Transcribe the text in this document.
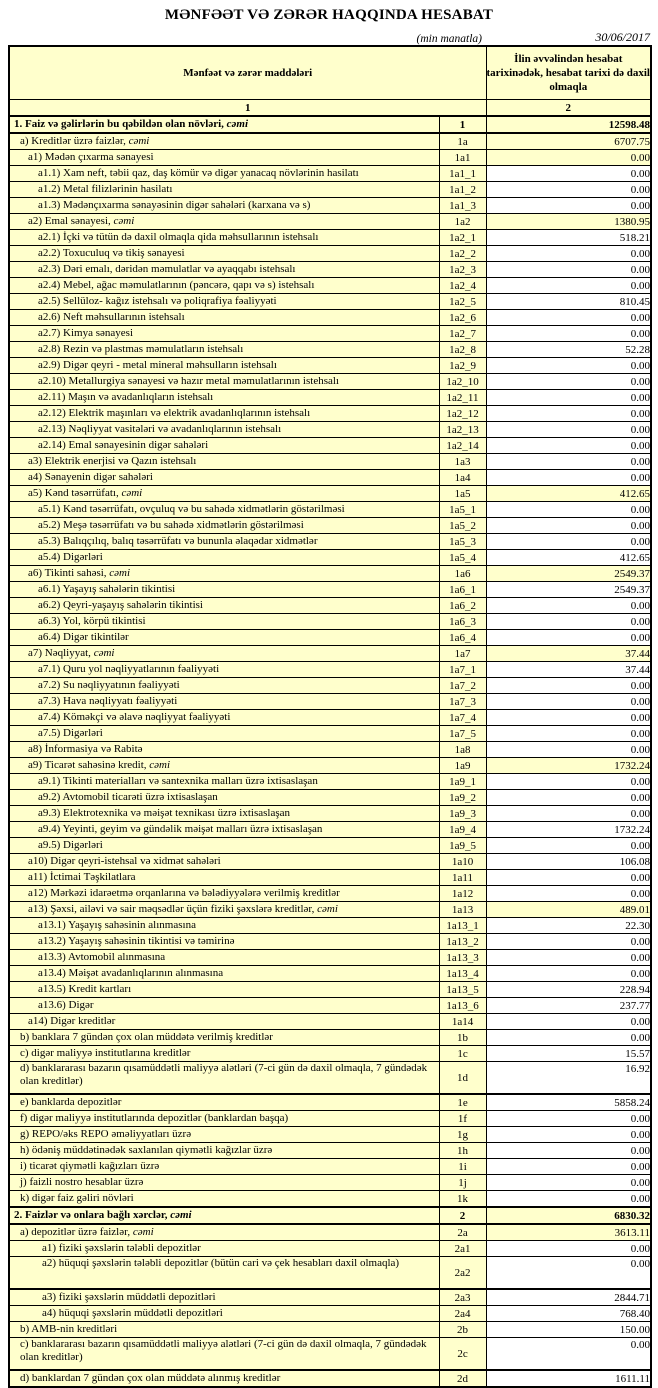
MƏNFƏƏT VƏ ZƏRƏR HAQQINDA HESABAT
(min manatla)	30/06/2017
Mənfəət və zərər maddələri		İlin əvvəlindən hesabat tarixinədək, hesabat tarixi də daxil olmaqla
1		2
1. Faiz və gəlirlərin bu qəbildən olan növləri, cəmi	1	12598.48
a) Kreditlər üzrə faizlər, cəmi	1a	6707.75
a1) Mədən çıxarma sənayesi	1a1	0.00
a1.1) Xam neft, təbii qaz, daş kömür və digər yanacaq növlərinin hasilatı	1a1_1	0.00
a1.2) Metal filizlərinin hasilatı	1a1_2	0.00
a1.3) Mədənçıxarma sənayəsinin digər sahələri (karxana və s)	1a1_3	0.00
a2) Emal sənayesi, cəmi	1a2	1380.95
a2.1) İçki və tütün də daxil olmaqla qida məhsullarının istehsalı	1a2_1	518.21
a2.2) Toxuculuq və tikiş sənayesi	1a2_2	0.00
a2.3) Dəri emalı, dəridən məmulatlar və ayaqqabı istehsalı	1a2_3	0.00
a2.4) Mebel, ağac məmulatlarının (pəncərə, qapı və s) istehsalı	1a2_4	0.00
a2.5) Sellüloz- kağız istehsalı və poliqrafiya fəaliyyəti	1a2_5	810.45
a2.6) Neft məhsullarının istehsalı	1a2_6	0.00
a2.7) Kimya sənayesi	1a2_7	0.00
a2.8) Rezin və plastmas məmulatların istehsalı	1a2_8	52.28
a2.9) Digər qeyri - metal mineral məhsulların istehsalı	1a2_9	0.00
a2.10) Metallurgiya sənayesi və hazır metal məmulatlarının istehsalı	1a2_10	0.00
a2.11) Maşın və avadanlıqların istehsalı	1a2_11	0.00
a2.12) Elektrik maşınları və elektrik avadanlıqlarının istehsalı	1a2_12	0.00
a2.13) Nəqliyyat vasitələri və avadanlıqlarının istehsalı	1a2_13	0.00
a2.14) Emal sənayesinin digər sahələri	1a2_14	0.00
a3) Elektrik enerjisi və Qazın istehsalı	1a3	0.00
a4) Sənayenin digər sahələri	1a4	0.00
a5) Kənd təsərrüfatı, cəmi	1a5	412.65
a5.1) Kənd təsərrüfatı, ovçuluq və bu sahədə xidmətlərin göstərilməsi	1a5_1	0.00
a5.2) Meşə təsərrüfatı və bu sahədə xidmətlərin göstərilməsi	1a5_2	0.00
a5.3) Balıqçılıq, balıq təsərrüfatı və bununla əlaqədar xidmətlər	1a5_3	0.00
a5.4) Digərləri	1a5_4	412.65
a6) Tikinti sahəsi, cəmi	1a6	2549.37
a6.1) Yaşayış sahələrin tikintisi	1a6_1	2549.37
a6.2) Qeyri-yaşayış sahələrin tikintisi	1a6_2	0.00
a6.3) Yol, körpü tikintisi	1a6_3	0.00
a6.4) Digər tikintilər	1a6_4	0.00
a7) Nəqliyyat, cəmi	1a7	37.44
a7.1) Quru yol nəqliyyatlarının fəaliyyəti	1a7_1	37.44
a7.2) Su nəqliyyatının fəaliyyəti	1a7_2	0.00
a7.3) Hava nəqliyyatı fəaliyyəti	1a7_3	0.00
a7.4) Köməkçi və əlavə nəqliyyat fəaliyyəti	1a7_4	0.00
a7.5) Digərləri	1a7_5	0.00
a8) İnformasiya və Rabitə	1a8	0.00
a9) Ticarət sahəsinə kredit, cəmi	1a9	1732.24
a9.1) Tikinti materialları və santexnika malları üzrə ixtisaslaşan	1a9_1	0.00
a9.2) Avtomobil ticarəti üzrə ixtisaslaşan	1a9_2	0.00
a9.3) Elektrotexnika və məişət texnikası üzrə ixtisaslaşan	1a9_3	0.00
a9.4) Yeyinti, geyim və gündəlik məişət malları üzrə ixtisaslaşan	1a9_4	1732.24
a9.5) Digərləri	1a9_5	0.00
a10) Digər qeyri-istehsal və xidmət sahələri	1a10	106.08
a11) İctimai Təşkilatlara	1a11	0.00
a12) Mərkəzi idarəetmə orqanlarına və bələdiyyələrə verilmiş kreditlər	1a12	0.00
a13) Şəxsi, ailəvi və sair məqsədlər üçün fiziki şəxslərə kreditlər, cəmi	1a13	489.01
a13.1) Yaşayış sahəsinin alınmasına	1a13_1	22.30
a13.2) Yaşayış sahəsinin tikintisi və təmirinə	1a13_2	0.00
a13.3) Avtomobil alınmasına	1a13_3	0.00
a13.4) Məişət avadanlıqlarının alınmasına	1a13_4	0.00
a13.5) Kredit kartları	1a13_5	228.94
a13.6) Digər	1a13_6	237.77
a14) Digər kreditlər	1a14	0.00
b) banklara 7 gündən çox olan müddətə verilmiş kreditlər	1b	0.00
c) digər maliyyə institutlarına kreditlər	1c	15.57
d) banklararası bazarın qısamüddətli maliyyə alətləri (7-ci gün də daxil olmaqla, 7 gündədək olan kreditlər)	1d	16.92
e) banklarda depozitlər	1e	5858.24
f) digər maliyyə institutlarında depozitlər (banklardan başqa)	1f	0.00
g) REPO/əks REPO əməliyyatları üzrə	1g	0.00
h) ödəniş müddətinədək saxlanılan qiymətli kağızlar üzrə	1h	0.00
i) ticarət qiymətli kağızları üzrə	1i	0.00
j) faizli nostro hesablar üzrə	1j	0.00
k) digər faiz gəliri növləri	1k	0.00
2. Faizlər və onlara bağlı xərclər, cəmi	2	6830.32
a) depozitlər üzrə faizlər, cəmi	2a	3613.11
a1) fiziki şəxslərin tələbli depozitlər	2a1	0.00
a2) hüquqi şəxslərin tələbli depozitlər (bütün cari və çek hesabları daxil olmaqla)	2a2	0.00
a3) fiziki şəxslərin müddətli depozitləri	2a3	2844.71
a4) hüquqi şəxslərin müddətli depozitləri	2a4	768.40
b) AMB-nin kreditləri	2b	150.00
c) banklararası bazarın qısamüddətli maliyyə alətləri (7-ci gün də daxil olmaqla, 7 gündədək olan kreditlər)	2c	0.00
d) banklardan 7 gündən çox olan müddətə alınmış kreditlər	2d	1611.11
